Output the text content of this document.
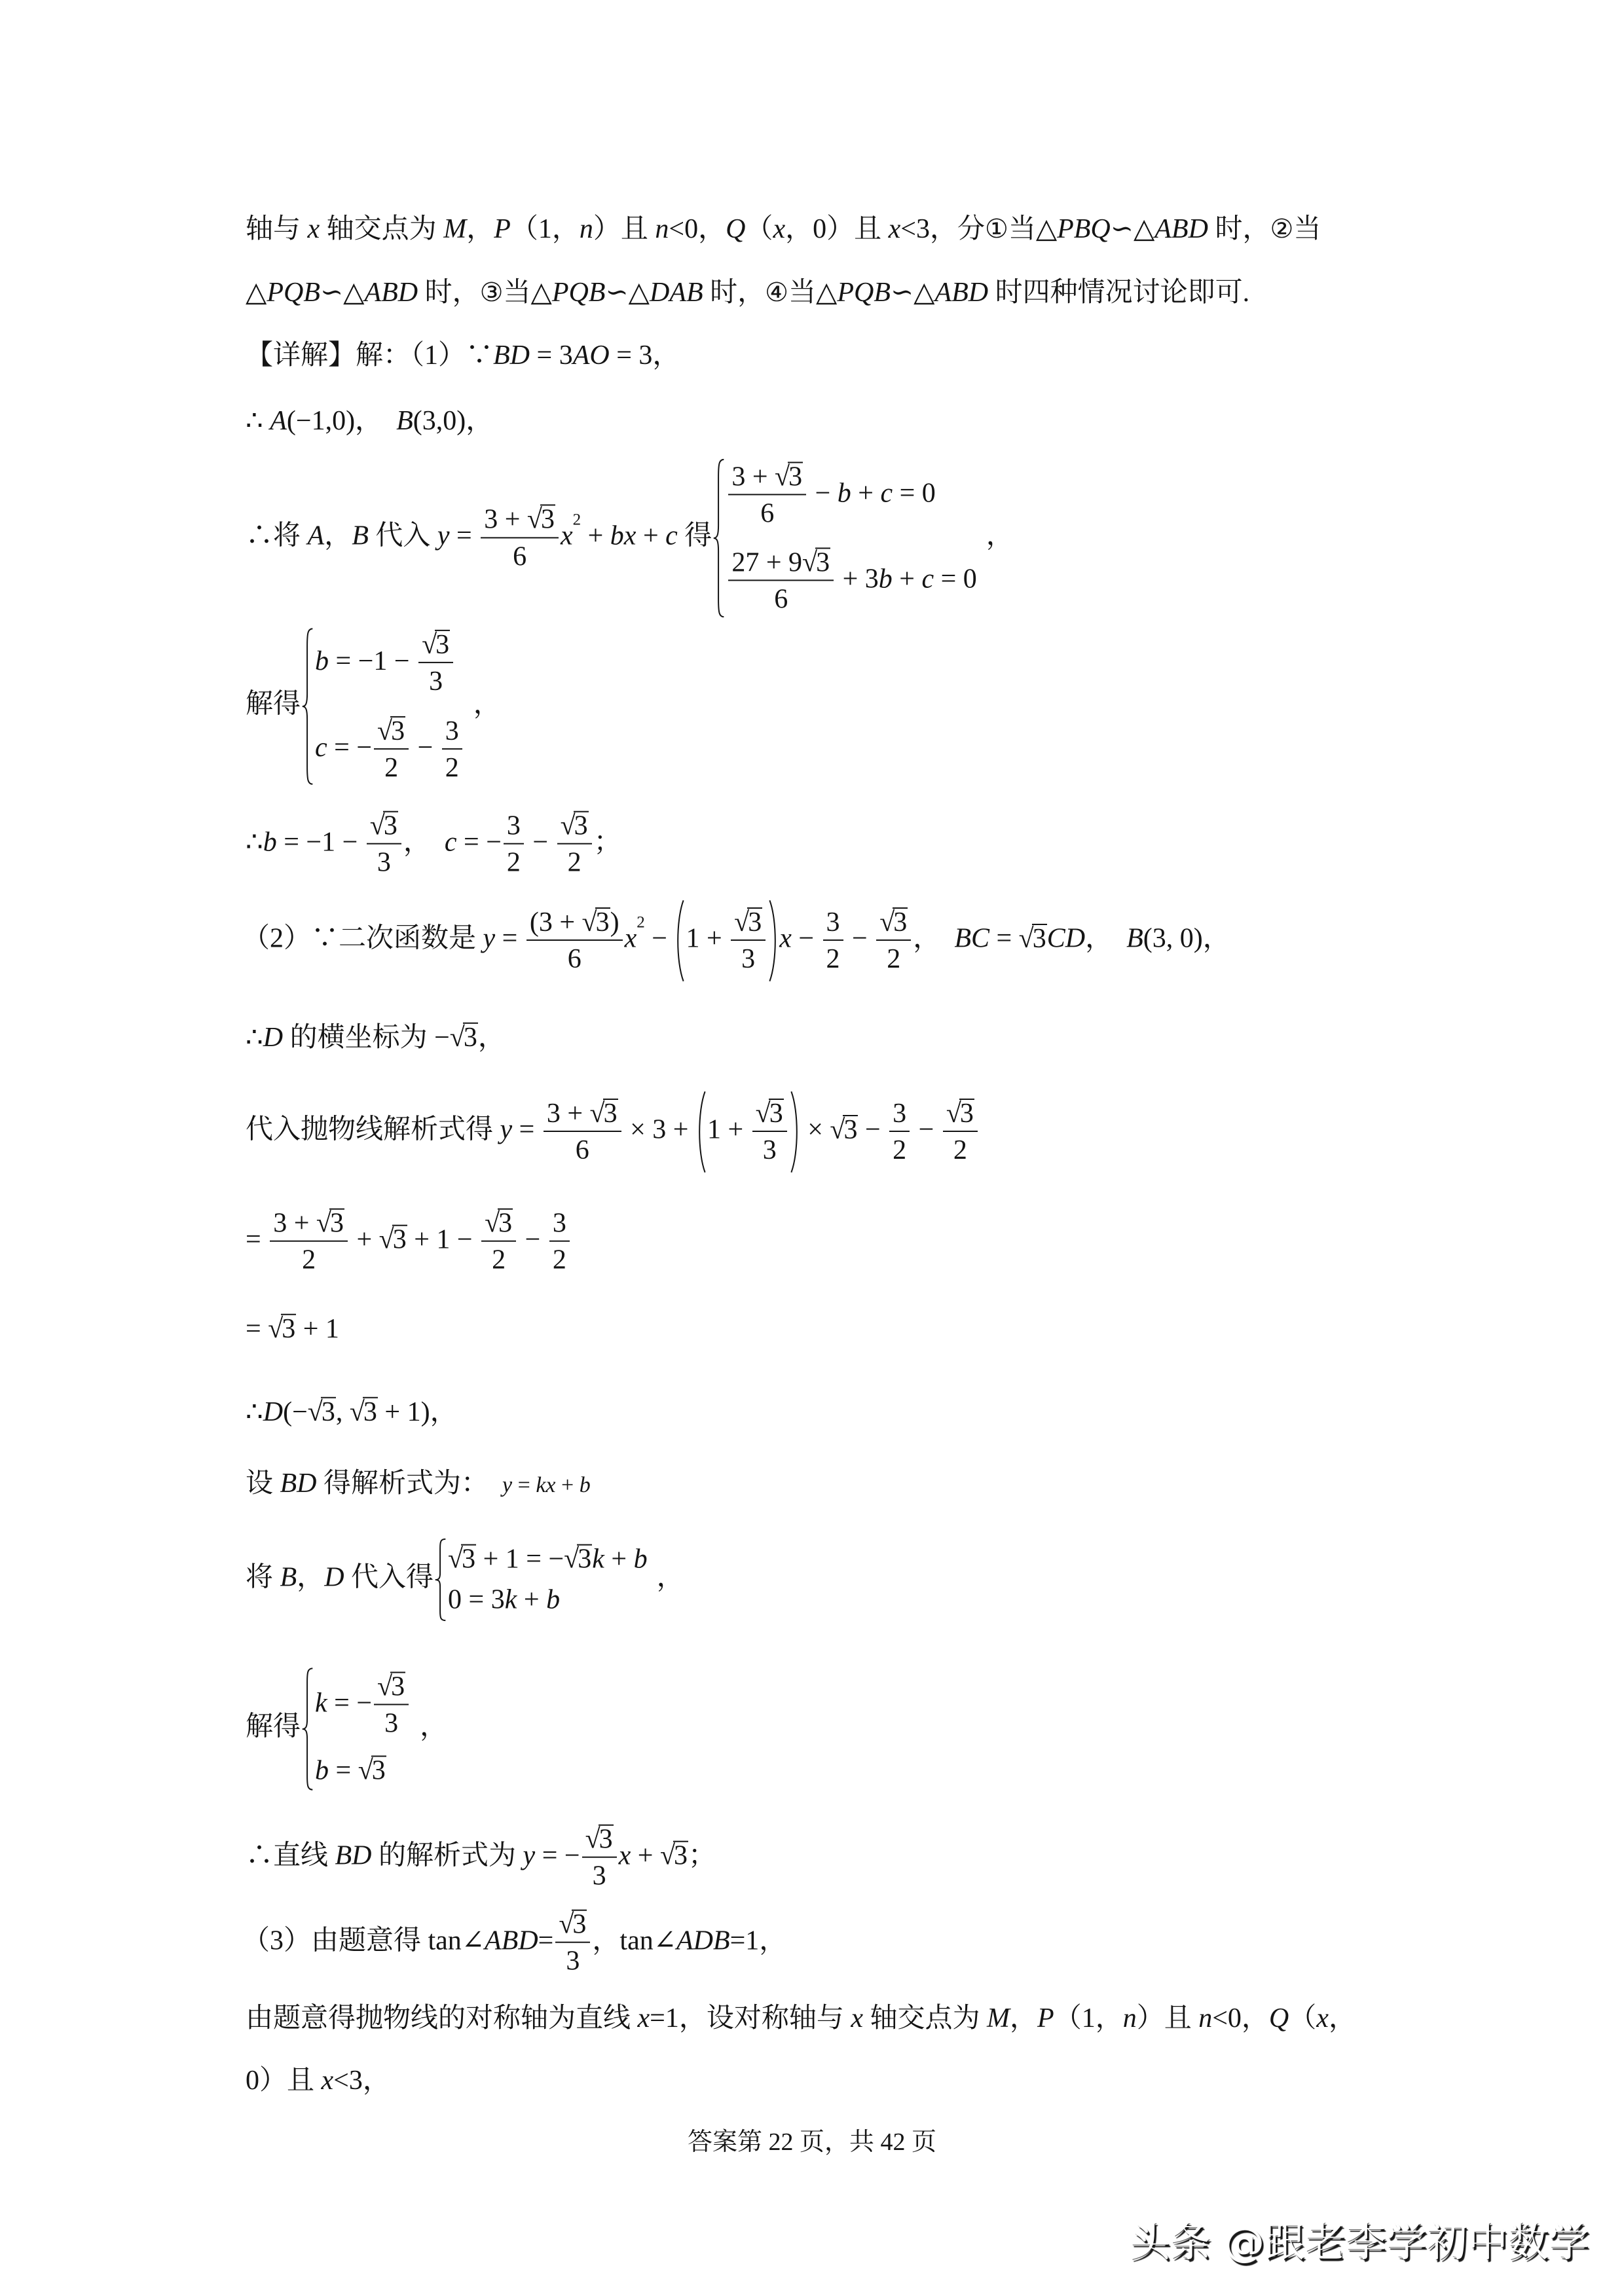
轴与 x 轴交点为 M，P（1，n）且 n<0，Q（x，0）且 x<3，分①当△PBQ∽△ABD 时，②当
△PQB∽△ABD 时，③当△PQB∽△DAB 时，④当△PQB∽△ABD 时四种情况讨论即可.
【详解】解：（1）∵BD = 3AO = 3，
∴ A(−1,0)，  B(3,0)，
∴将 A，B 代入 $y = \frac{3 + √3}{6} x^2$ + bx + c 得
$\frac{3 + √3}{6} - b + c = 0$
$\frac{27 + 9√3}{6} + 3b + c = 0$
，
解得
$b = -1 - \frac{√3}{3}$
c = − $\frac{√3}{2} - \frac{3}{2}$
，
∴b = $-1 - \frac{√3}{3}$ ，  c = − $\frac{3}{2} - \frac{√3}{2}$ ；
（2）∵二次函数是 $y = \frac{(3 + √3)}{6} x^2$ −
$1 + \frac{√3}{3}$ $x - \frac{3}{2} - \frac{√3}{2}$ ，  BC = √3CD，  B(3, 0)，
∴D 的横坐标为 −√3，
代入抛物线解析式得 $y = \frac{3 + √3}{6} \times 3$ +
$1 + \frac{√3}{3} \times √3 - \frac{3}{2} - \frac{√3}{2}$
= $\frac{3 + √3}{2} + √3 + 1 - \frac{√3}{2} - \frac{3}{2}$
= √3 + 1
∴D(−√3, √3 + 1)，
设 BD 得解析式为：  y = kx + b
将 B，D 代入得
√3 + 1 = −√3k + b
0 = 3k + b
，
解得
k = − $\frac{√3}{3}$
b = √3
，
∴直线 BD 的解析式为 y = − $\frac{√3}{3}$ x + √3；
（3）由题意得 tan∠ABD= $\frac{√3}{3}$ ，tan∠ADB=1，
由题意得抛物线的对称轴为直线 x=1，设对称轴与 x 轴交点为 M，P（1，n）且 n<0，Q（x，
0）且 x<3，
答案第 22 页，共 42 页
头条 @跟老李学初中数学
